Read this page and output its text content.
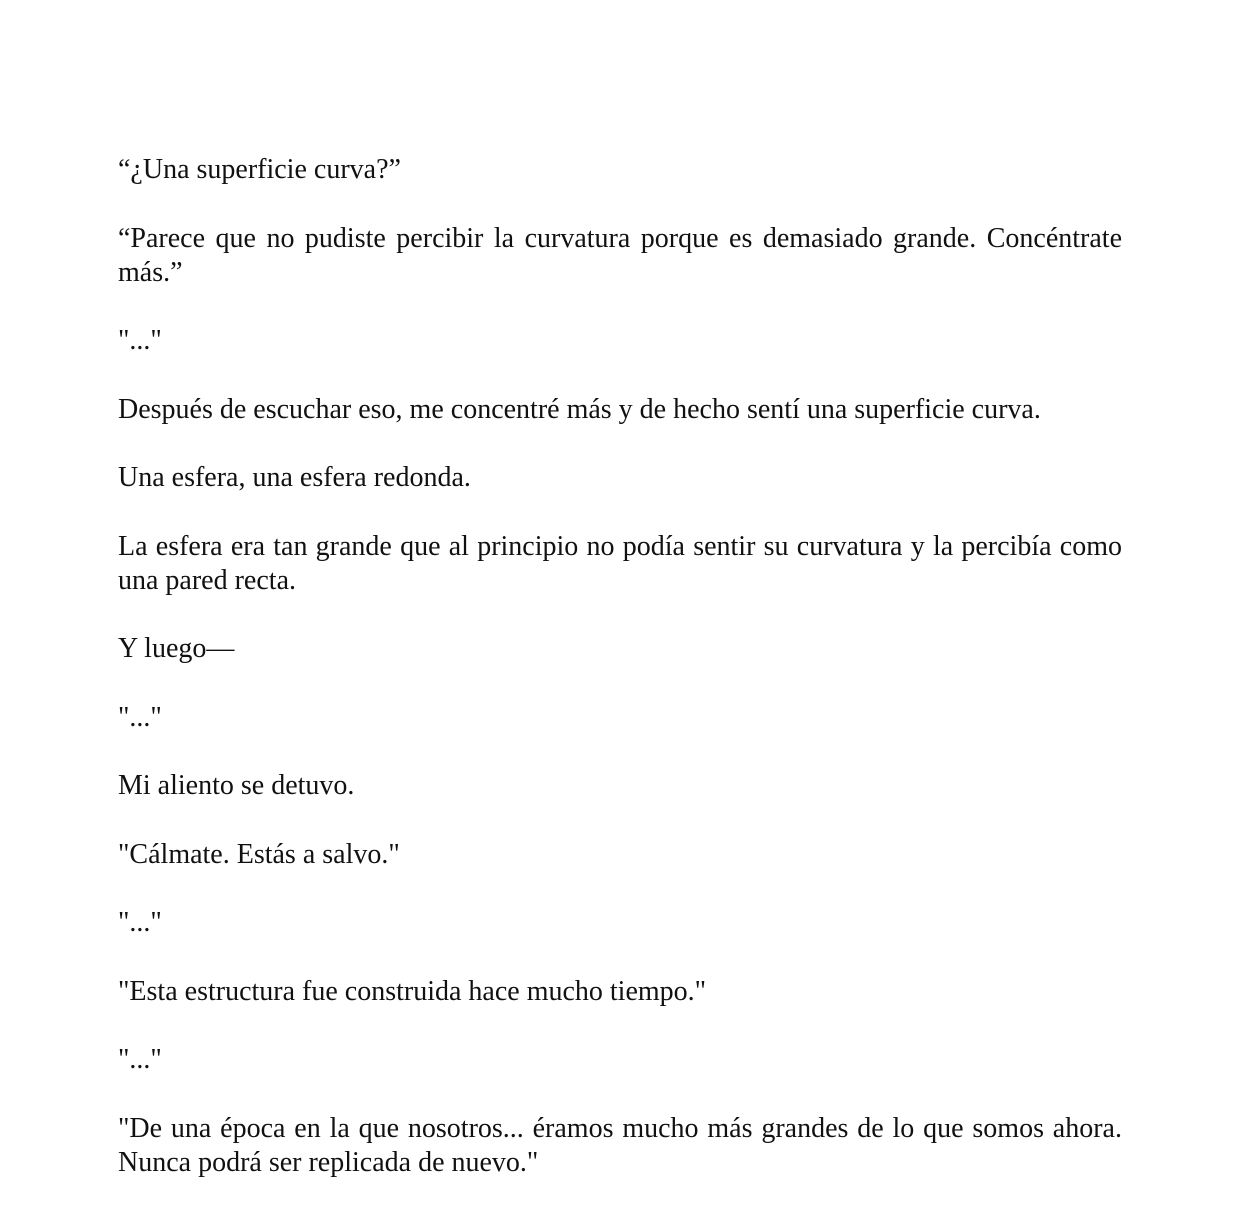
“¿Una superficie curva?”

“Parece que no pudiste percibir la curvatura porque es demasiado grande. Concéntrate más.”

"..."

Después de escuchar eso, me concentré más y de hecho sentí una superficie curva.

Una esfera, una esfera redonda.

La esfera era tan grande que al principio no podía sentir su curvatura y la percibía como una pared recta.

Y luego—

"..."

Mi aliento se detuvo.

"Cálmate. Estás a salvo."

"..."

"Esta estructura fue construida hace mucho tiempo."

"..."

"De una época en la que nosotros... éramos mucho más grandes de lo que somos ahora. Nunca podrá ser replicada de nuevo."
